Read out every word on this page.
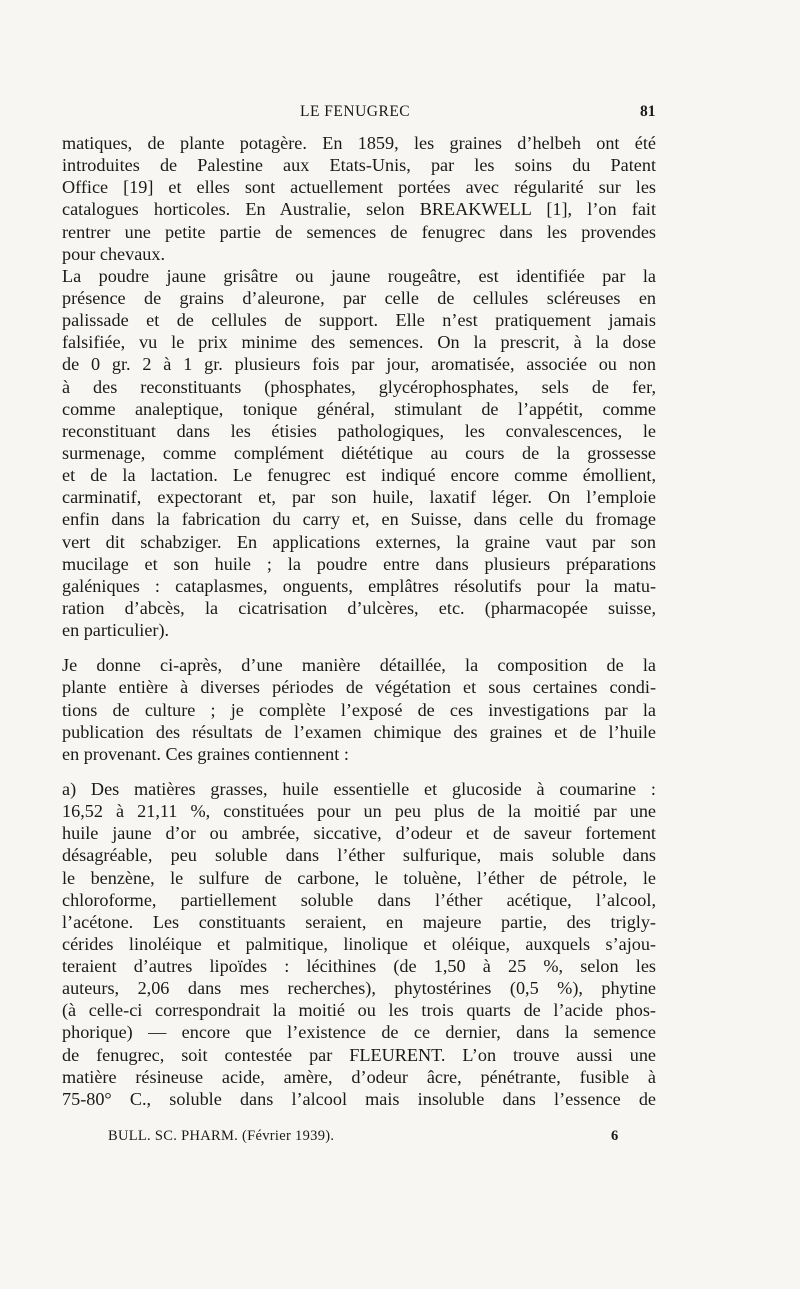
LE FENUGREC	81
matiques, de plante potagère. En 1859, les graines d’helbeh ont été
introduites de Palestine aux Etats-Unis, par les soins du Patent
Office [19] et elles sont actuellement portées avec régularité sur les
catalogues horticoles. En Australie, selon BREAKWELL [1], l’on fait
rentrer une petite partie de semences de fenugrec dans les provendes
pour chevaux.
La poudre jaune grisâtre ou jaune rougeâtre, est identifiée par la
présence de grains d’aleurone, par celle de cellules scléreuses en
palissade et de cellules de support. Elle n’est pratiquement jamais
falsifiée, vu le prix minime des semences. On la prescrit, à la dose
de 0 gr. 2 à 1 gr. plusieurs fois par jour, aromatisée, associée ou non
à des reconstituants (phosphates, glycérophosphates, sels de fer,
comme analeptique, tonique général, stimulant de l’appétit, comme
reconstituant dans les étisies pathologiques, les convalescences, le
surmenage, comme complément diététique au cours de la grossesse
et de la lactation. Le fenugrec est indiqué encore comme émollient,
carminatif, expectorant et, par son huile, laxatif léger. On l’emploie
enfin dans la fabrication du carry et, en Suisse, dans celle du fromage
vert dit schabziger. En applications externes, la graine vaut par son
mucilage et son huile ; la poudre entre dans plusieurs préparations
galéniques : cataplasmes, onguents, emplâtres résolutifs pour la matu-
ration d’abcès, la cicatrisation d’ulcères, etc. (pharmacopée suisse,
en particulier).
Je donne ci-après, d’une manière détaillée, la composition de la
plante entière à diverses périodes de végétation et sous certaines condi-
tions de culture ; je complète l’exposé de ces investigations par la
publication des résultats de l’examen chimique des graines et de l’huile
en provenant. Ces graines contiennent :
a) Des matières grasses, huile essentielle et glucoside à coumarine :
16,52 à 21,11 %, constituées pour un peu plus de la moitié par une
huile jaune d’or ou ambrée, siccative, d’odeur et de saveur fortement
désagréable, peu soluble dans l’éther sulfurique, mais soluble dans
le benzène, le sulfure de carbone, le toluène, l’éther de pétrole, le
chloroforme, partiellement soluble dans l’éther acétique, l’alcool,
l’acétone. Les constituants seraient, en majeure partie, des trigly-
cérides linoléique et palmitique, linolique et oléique, auxquels s’ajou-
teraient d’autres lipoïdes : lécithines (de 1,50 à 25 %, selon les
auteurs, 2,06 dans mes recherches), phytostérines (0,5 %), phytine
(à celle-ci correspondrait la moitié ou les trois quarts de l’acide phos-
phorique) — encore que l’existence de ce dernier, dans la semence
de fenugrec, soit contestée par FLEURENT. L’on trouve aussi une
matière résineuse acide, amère, d’odeur âcre, pénétrante, fusible à
75-80° C., soluble dans l’alcool mais insoluble dans l’essence de
BULL. SC. PHARM. (Février 1939).	6
